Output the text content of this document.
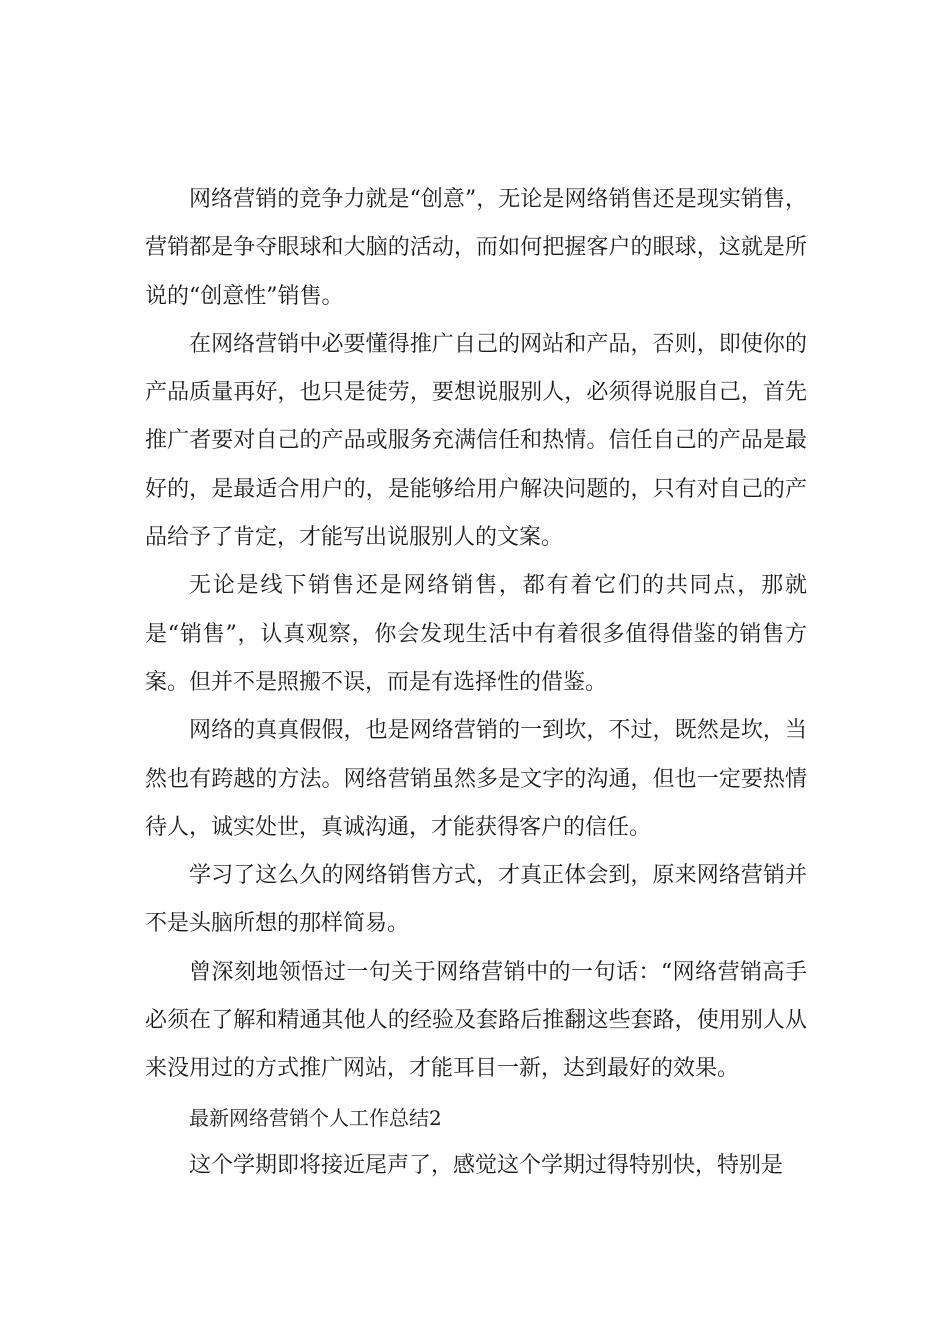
网络营销的竞争力就是“创意”，无论是网络销售还是现实销售，营销都是争夺眼球和大脑的活动，而如何把握客户的眼球，这就是所说的“创意性”销售。

在网络营销中必要懂得推广自己的网站和产品，否则，即使你的产品质量再好，也只是徒劳，要想说服别人，必须得说服自己，首先推广者要对自己的产品或服务充满信任和热情。信任自己的产品是最好的，是最适合用户的，是能够给用户解决问题的，只有对自己的产品给予了肯定，才能写出说服别人的文案。

无论是线下销售还是网络销售，都有着它们的共同点，那就是“销售”，认真观察，你会发现生活中有着很多值得借鉴的销售方案。但并不是照搬不误，而是有选择性的借鉴。

网络的真真假假，也是网络营销的一到坎，不过，既然是坎，当然也有跨越的方法。网络营销虽然多是文字的沟通，但也一定要热情待人，诚实处世，真诚沟通，才能获得客户的信任。

学习了这么久的网络销售方式，才真正体会到，原来网络营销并不是头脑所想的那样简易。

曾深刻地领悟过一句关于网络营销中的一句话：“网络营销高手必须在了解和精通其他人的经验及套路后推翻这些套路，使用别人从来没用过的方式推广网站，才能耳目一新，达到最好的效果。

最新网络营销个人工作总结2

这个学期即将接近尾声了，感觉这个学期过得特别快，特别是
